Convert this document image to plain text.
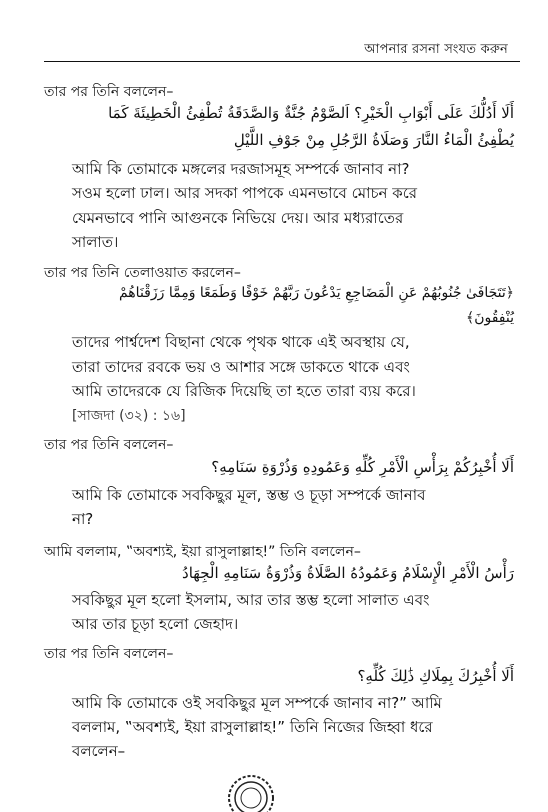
আপনার রসনা সংযত করুন
তার পর তিনি বললেন–
أَلَا أَدُلُّكَ عَلَى أَبْوَابِ الْخَيْرِ؟ اَلصَّوْمُ جُنَّةٌ وَالصَّدَقَةُ تُطْفِئُ الْخَطِيئَةَ كَمَا
يُطْفِئُ الْمَاءُ النَّارَ وَصَلَاةُ الرَّجُلِ مِنْ جَوْفِ اللَّيْلِ
আমি কি তোমাকে মঙ্গলের দরজাসমূহ সম্পর্কে জানাব না?
সওম হলো ঢাল। আর সদকা পাপকে এমনভাবে মোচন করে
যেমনভাবে পানি আগুনকে নিভিয়ে দেয়। আর মধ্যরাতের
সালাত।
তার পর তিনি তেলাওয়াত করলেন–
﴿تَتَجَافَىٰ جُنُوبُهُمْ عَنِ الْمَضَاجِعِ يَدْعُونَ رَبَّهُمْ خَوْفًا وَطَمَعًا وَمِمَّا رَزَقْنَاهُمْ
يُنْفِقُونَ﴾
তাদের পার্শ্বদেশ বিছানা থেকে পৃথক থাকে এই অবস্থায় যে,
তারা তাদের রবকে ভয় ও আশার সঙ্গে ডাকতে থাকে এবং
আমি তাদেরকে যে রিজিক দিয়েছি তা হতে তারা ব্যয় করে।
[সাজদা (৩২) : ১৬]
তার পর তিনি বললেন–
أَلَا أُخْبِرُكُمْ بِرَأْسِ الْأَمْرِ كُلِّهِ وَعَمُودِهِ وَذُرْوَةِ سَنَامِهِ؟
আমি কি তোমাকে সবকিছুর মূল, স্তম্ভ ও চূড়া সম্পর্কে জানাব
না?
আমি বললাম, ‟অবশ্যই, ইয়া রাসুলাল্লাহ!” তিনি বললেন–
رَأْسُ الْأَمْرِ الْإِسْلَامُ وَعَمُودُهُ الصَّلَاةُ وَذُرْوَةُ سَنَامِهِ الْجِهَادُ
সবকিছুর মূল হলো ইসলাম, আর তার স্তম্ভ হলো সালাত এবং
আর তার চূড়া হলো জেহাদ।
তার পর তিনি বললেন–
أَلَا أُخْبِرُكَ بِمِلَاكِ ذَٰلِكَ كُلِّهِ؟
আমি কি তোমাকে ওই সবকিছুর মূল সম্পর্কে জানাব না?” আমি
বললাম, ‟অবশ্যই, ইয়া রাসুলাল্লাহ!” তিনি নিজের জিহ্বা ধরে
বললেন–
